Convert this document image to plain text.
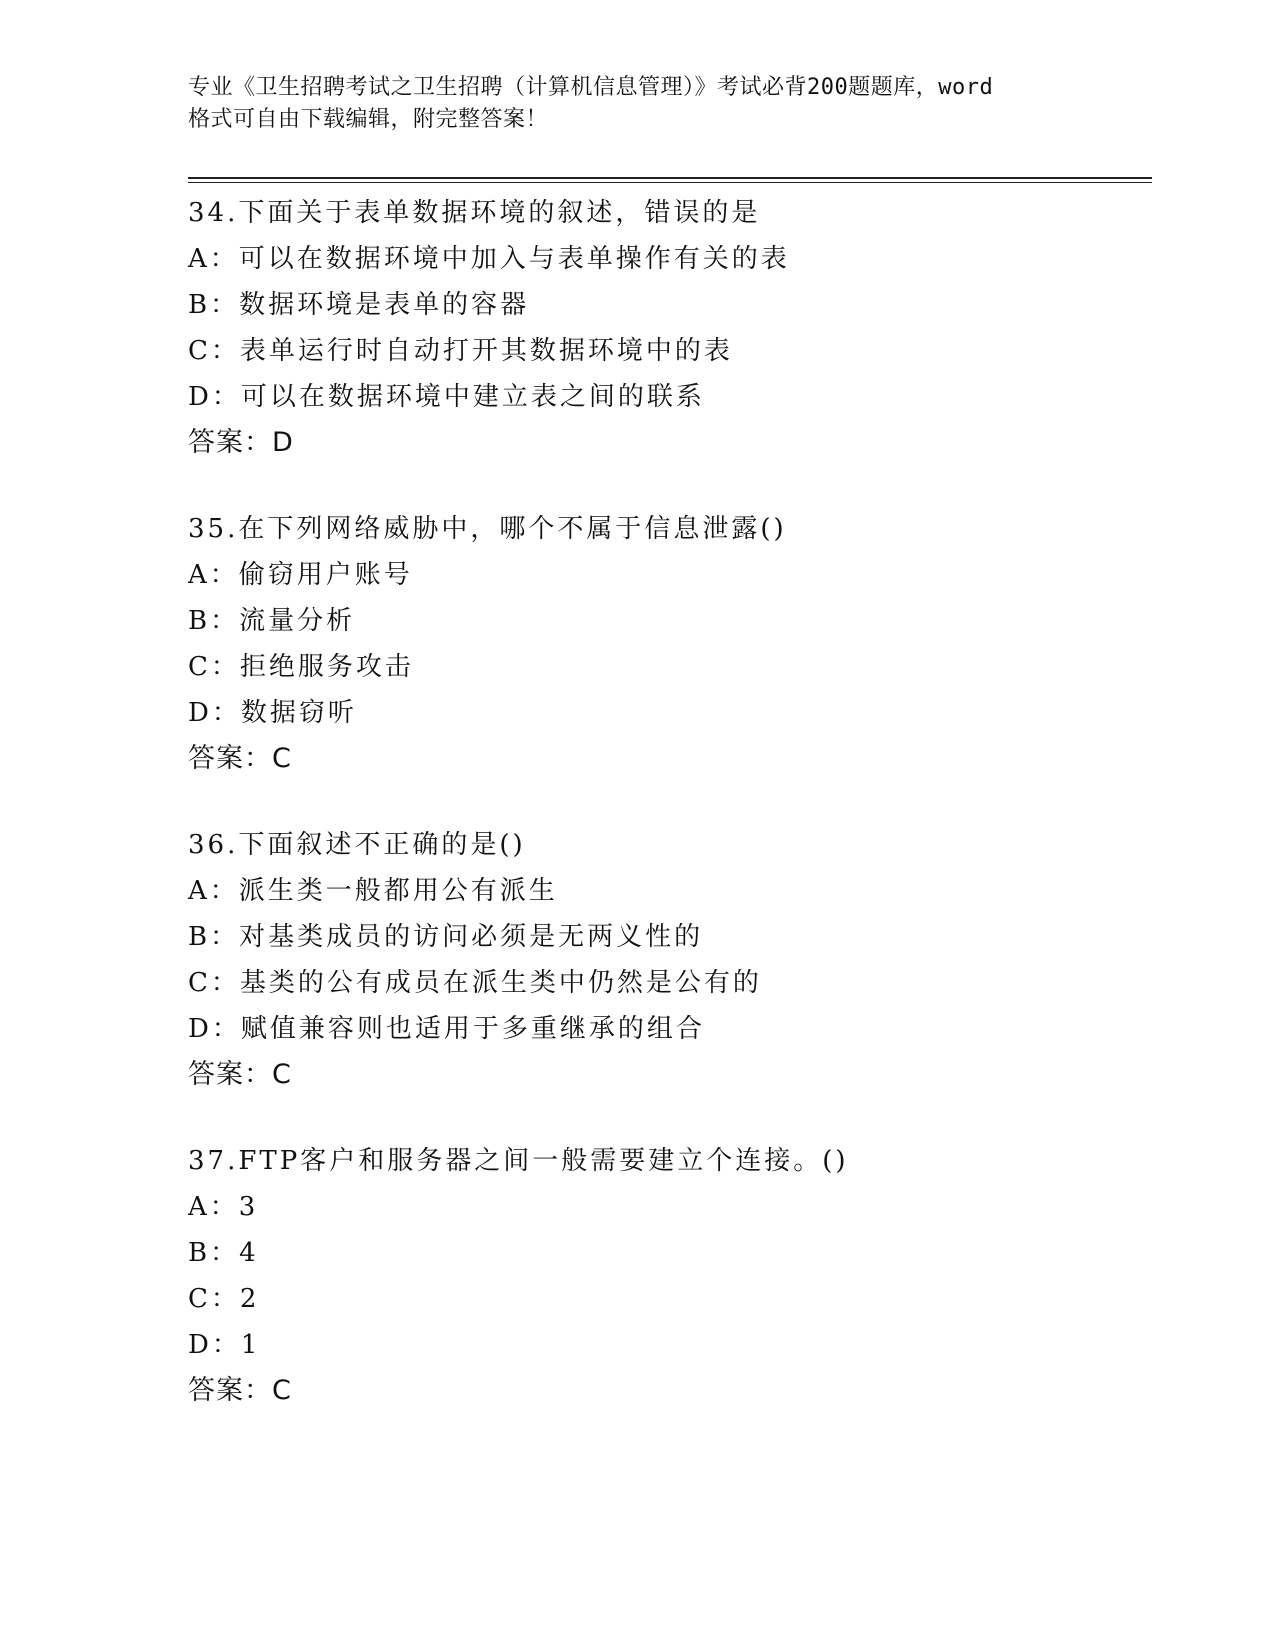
专业《卫生招聘考试之卫生招聘（计算机信息管理）》考试必背200题题库，word
格式可自由下载编辑，附完整答案！
34.下面关于表单数据环境的叙述，错误的是
A：可以在数据环境中加入与表单操作有关的表
B：数据环境是表单的容器
C：表单运行时自动打开其数据环境中的表
D：可以在数据环境中建立表之间的联系
答案：D
35.在下列网络威胁中，哪个不属于信息泄露()
A：偷窃用户账号
B：流量分析
C：拒绝服务攻击
D：数据窃听
答案：C
36.下面叙述不正确的是()
A：派生类一般都用公有派生
B：对基类成员的访问必须是无两义性的
C：基类的公有成员在派生类中仍然是公有的
D：赋值兼容则也适用于多重继承的组合
答案：C
37.FTP客户和服务器之间一般需要建立个连接。()
A：3
B：4
C：2
D：1
答案：C
